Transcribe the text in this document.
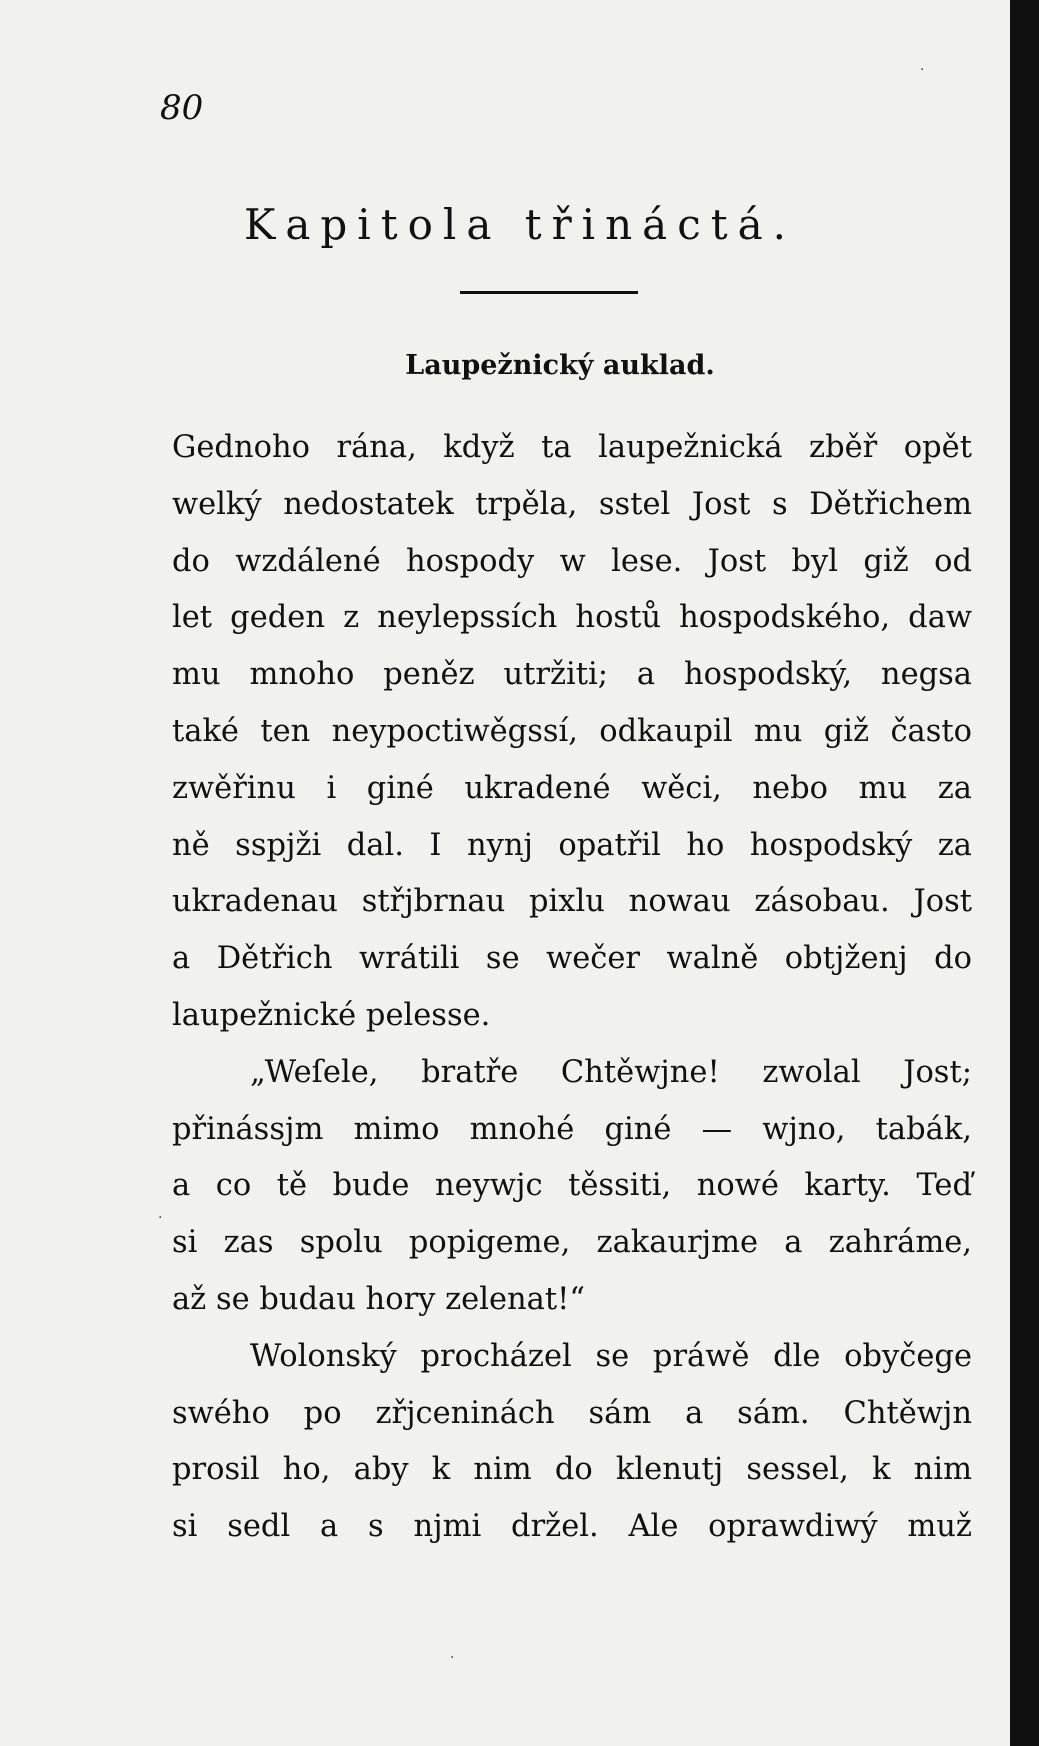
80
Kapitola třináctá.
Laupežnický auklad.
Gednoho rána, když ta laupežnická zběř opět
welký nedostatek trpěla, sstel Jost s Dětřichem
do wzdálené hospody w lese. Jost byl giž od
let geden z neylepssích hostů hospodského, daw
mu mnoho peněz utržiti; a hospodský, negsa
také ten neypoctiwěgssí, odkaupil mu giž často
zwěřinu i giné ukradené wěci, nebo mu za
ně sspjži dal. I nynj opatřil ho hospodský za
ukradenau střjbrnau pixlu nowau zásobau. Jost
a Dětřich wrátili se wečer walně obtjženj do
laupežnické pelesse.
„Weſele, bratře Chtěwjne! zwolal Jost;
přinássjm mimo mnohé giné — wjno, tabák,
a co tě bude neywjc těssiti, nowé karty. Teď
si zas spolu popigeme, zakaurjme a zahráme,
až se budau hory zelenat!“
Wolonský procházel se práwě dle obyčege
swého po zřjceninách sám a sám. Chtěwjn
prosil ho, aby k nim do klenutj sessel, k nim
si sedl a s njmi držel. Ale oprawdiwý muž
·
·
·
